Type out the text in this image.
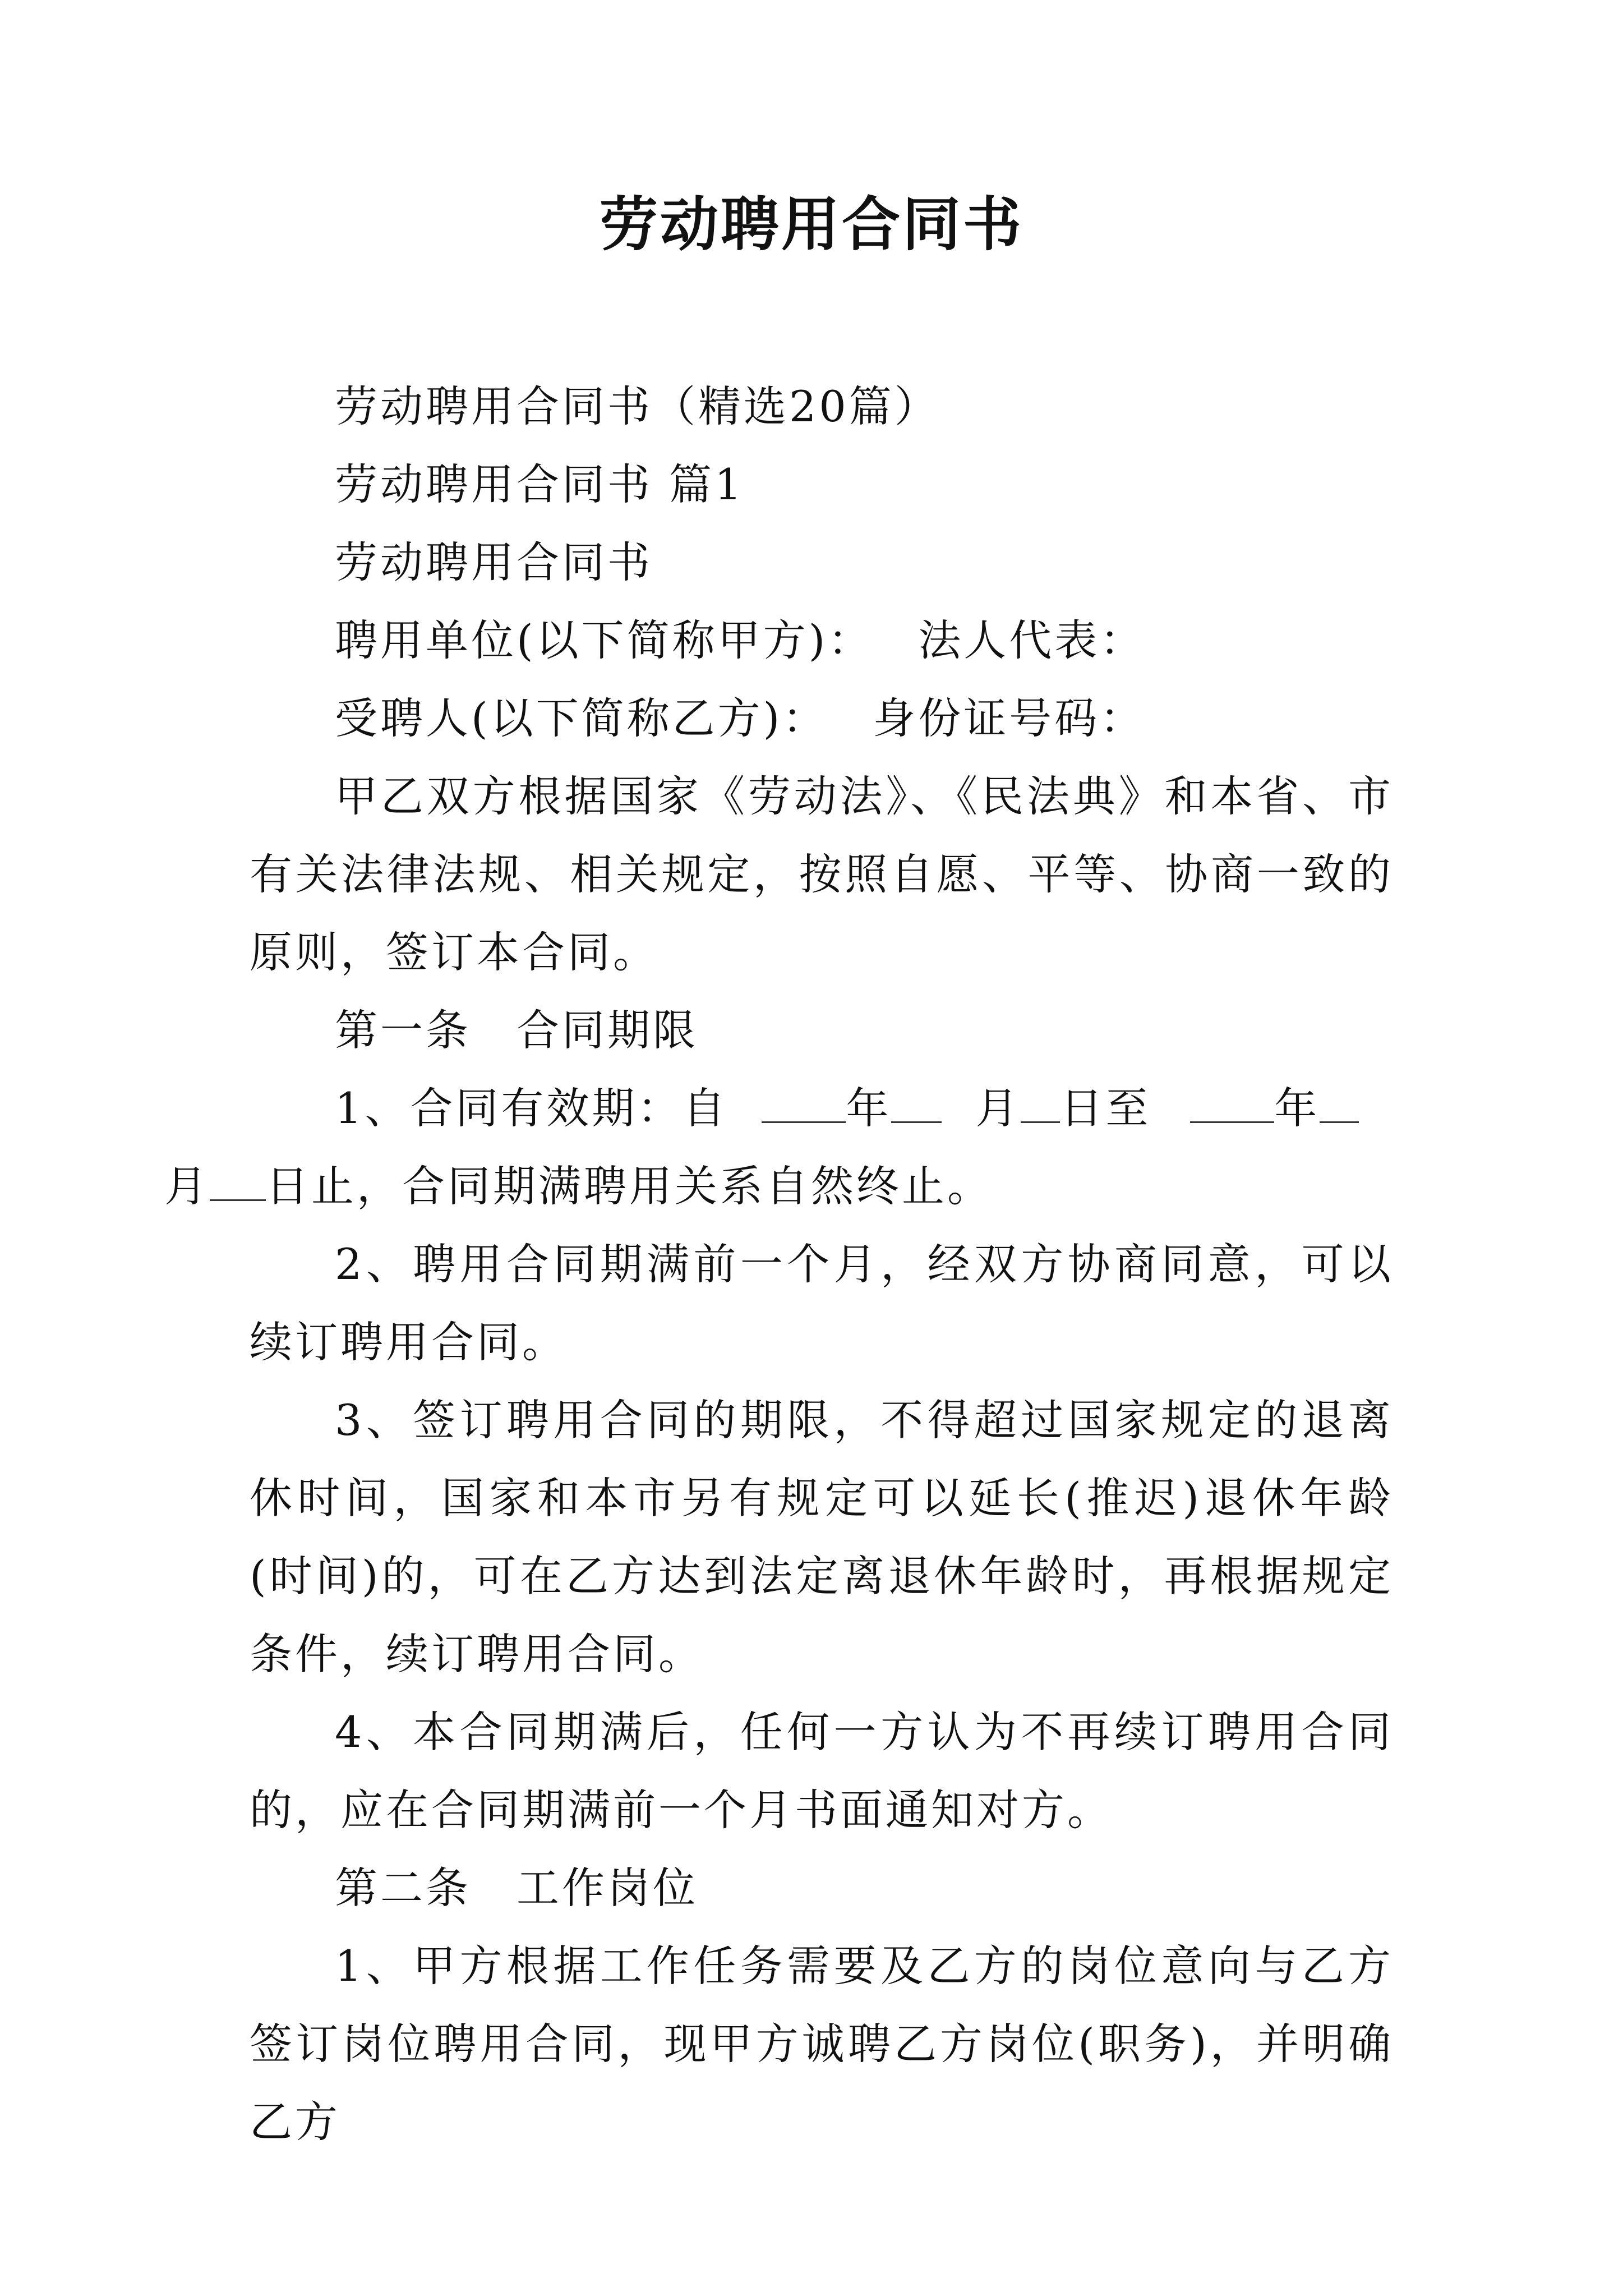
劳动聘用合同书

劳动聘用合同书（精选20篇）

劳动聘用合同书 篇1

劳动聘用合同书

聘用单位(以下简称甲方)： 法人代表：

受聘人(以下简称乙方)： 身份证号码：

甲乙双方根据国家《劳动法》、《民法典》和本省、市有关法律法规、相关规定，按照自愿、平等、协商一致的原则，签订本合同。

第一条　合同期限

1、合同有效期：自	年 月 日至	年
月 日止，合同期满聘用关系自然终止。

2、聘用合同期满前一个月，经双方协商同意，可以续订聘用合同。

3、签订聘用合同的期限，不得超过国家规定的退离休时间，国家和本市另有规定可以延长(推迟)退休年龄(时间)的，可在乙方达到法定离退休年龄时，再根据规定条件，续订聘用合同。

4、本合同期满后，任何一方认为不再续订聘用合同的，应在合同期满前一个月书面通知对方。

第二条　工作岗位

1、甲方根据工作任务需要及乙方的岗位意向与乙方签订岗位聘用合同，现甲方诚聘乙方岗位(职务)，并明确乙方
